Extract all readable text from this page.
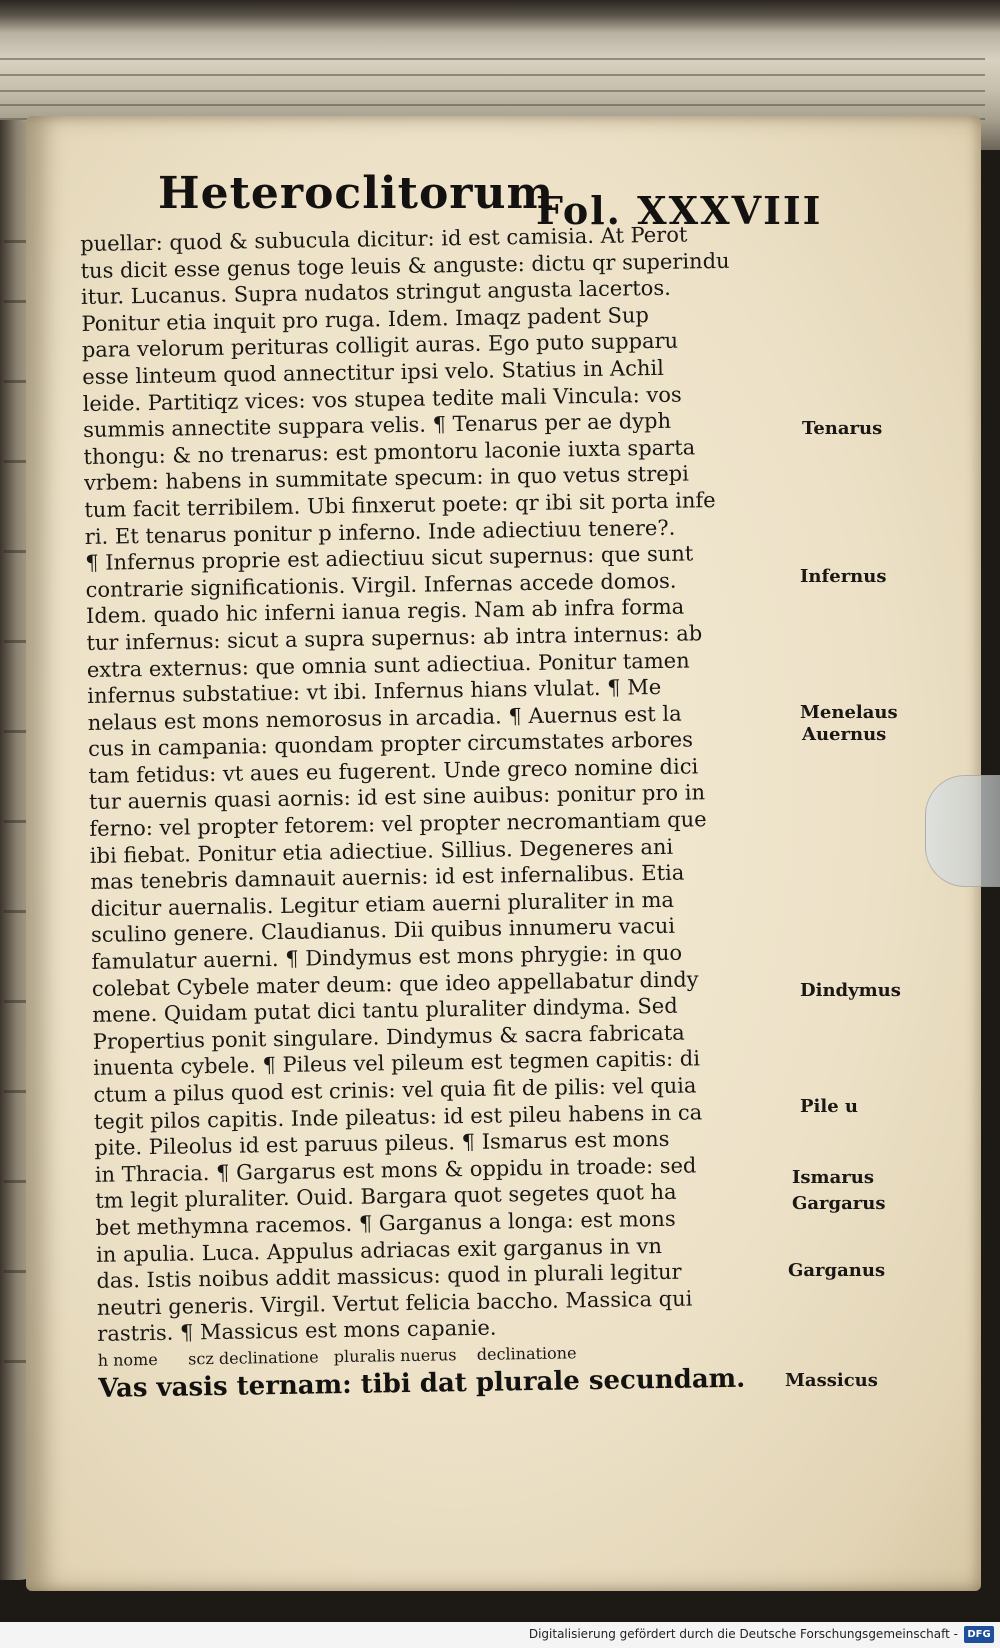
Heteroclitorum
Fol. XXXVIII
puellar: quod & subucula dicitur: id est camisia. At Perot
tus dicit esse genus toge leuis & anguste: dictu qr superindu
itur. Lucanus. Supra nudatos stringut angusta lacertos.
Ponitur etia inquit pro ruga. Idem. Imaqz padent Sup
para velorum perituras colligit auras. Ego puto supparu
esse linteum quod annectitur ipsi velo. Statius in Achil
leide. Partitiqz vices: vos stupea tedite mali Vincula: vos
summis annectite suppara velis. ¶ Tenarus per ae dyph
thongu: & no trenarus: est pmontoru laconie iuxta sparta
vrbem: habens in summitate specum: in quo vetus strepi
tum facit terribilem. Ubi finxerut poete: qr ibi sit porta infe
ri. Et tenarus ponitur p inferno. Inde adiectiuu tenere?.
¶ Infernus proprie est adiectiuu sicut supernus: que sunt
contrarie significationis. Virgil. Infernas accede domos.
Idem. quado hic inferni ianua regis. Nam ab infra forma
tur infernus: sicut a supra supernus: ab intra internus: ab
extra externus: que omnia sunt adiectiua. Ponitur tamen
infernus substatiue: vt ibi. Infernus hians vlulat. ¶ Me
nelaus est mons nemorosus in arcadia. ¶ Auernus est la
cus in campania: quondam propter circumstates arbores
tam fetidus: vt aues eu fugerent. Unde greco nomine dici
tur auernis quasi aornis: id est sine auibus: ponitur pro in
ferno: vel propter fetorem: vel propter necromantiam que
ibi fiebat. Ponitur etia adiectiue. Sillius. Degeneres ani
mas tenebris damnauit auernis: id est infernalibus. Etia
dicitur auernalis. Legitur etiam auerni pluraliter in ma
sculino genere. Claudianus. Dii quibus innumeru vacui
famulatur auerni. ¶ Dindymus est mons phrygie: in quo
colebat Cybele mater deum: que ideo appellabatur dindy
mene. Quidam putat dici tantu pluraliter dindyma. Sed
Propertius ponit singulare. Dindymus & sacra fabricata
inuenta cybele. ¶ Pileus vel pileum est tegmen capitis: di
ctum a pilus quod est crinis: vel quia fit de pilis: vel quia
tegit pilos capitis. Inde pileatus: id est pileu habens in ca
pite. Pileolus id est paruus pileus. ¶ Ismarus est mons
in Thracia. ¶ Gargarus est mons & oppidu in troade: sed
tm legit pluraliter. Ouid. Bargara quot segetes quot ha
bet methymna racemos. ¶ Garganus a longa: est mons
in apulia. Luca. Appulus adriacas exit garganus in vn
das. Istis noibus addit massicus: quod in plurali legitur
neutri generis. Virgil. Vertut felicia baccho. Massica qui
rastris. ¶ Massicus est mons capanie.
h nome      scz declinatione   pluralis nuerus    declinatione
Vas vasis ternam: tibi dat plurale secundam.
Tenarus
Infernus
Menelaus
Auernus
Dindymus
Pile u
Ismarus
Gargarus
Garganus
Massicus
Digitalisierung gefördert durch die Deutsche Forschungsgemeinschaft - DFG
